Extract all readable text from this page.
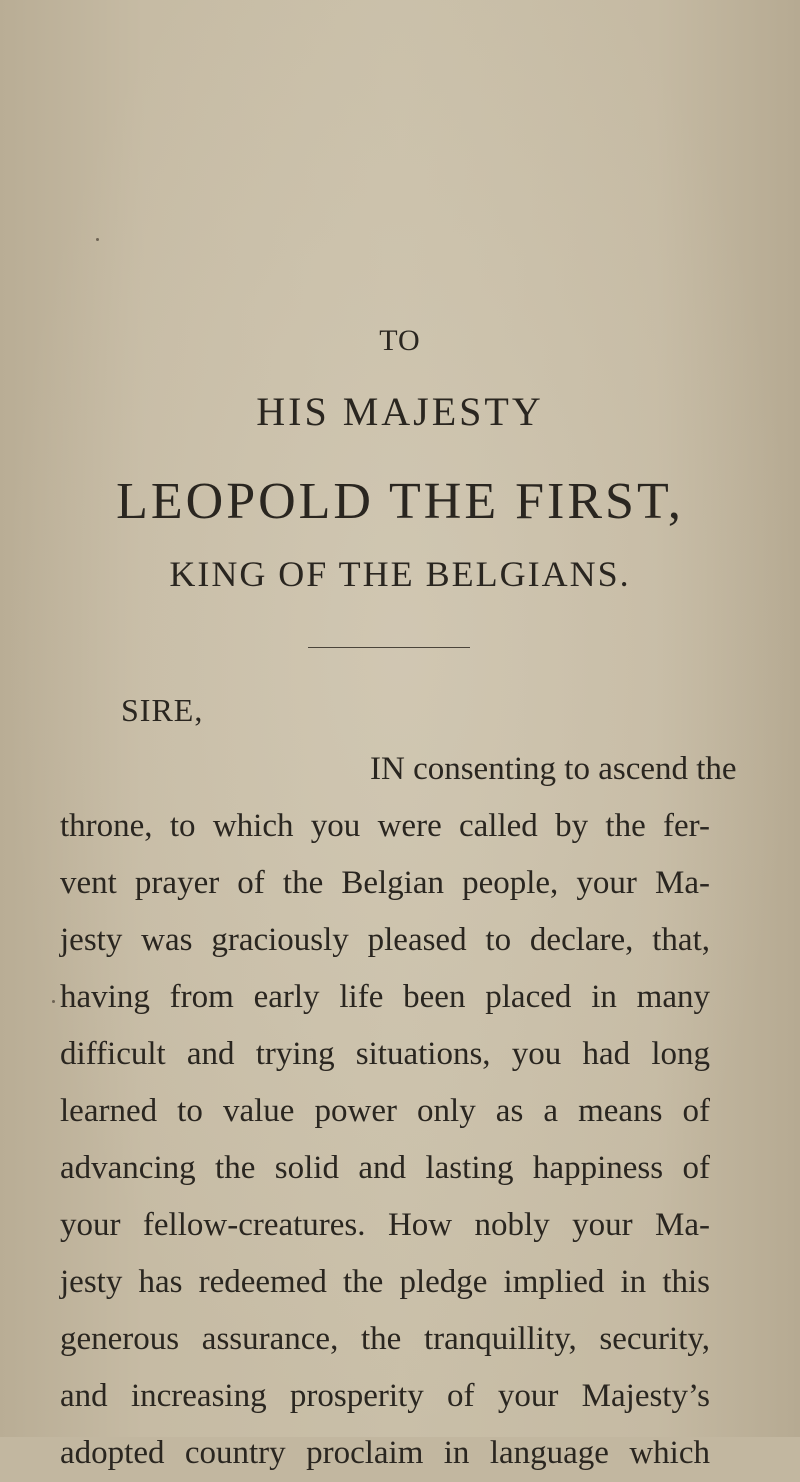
TO
HIS MAJESTY
LEOPOLD THE FIRST,
KING OF THE BELGIANS.

SIRE,

IN consenting to ascend the
throne, to which you were called by the fer-
vent prayer of the Belgian people, your Ma-
jesty was graciously pleased to declare, that,
having from early life been placed in many
difficult and trying situations, you had long
learned to value power only as a means of
advancing the solid and lasting happiness of
your fellow-creatures. How nobly your Ma-
jesty has redeemed the pledge implied in this
generous assurance, the tranquillity, security,
and increasing prosperity of your Majesty’s
adopted country proclaim in language which
